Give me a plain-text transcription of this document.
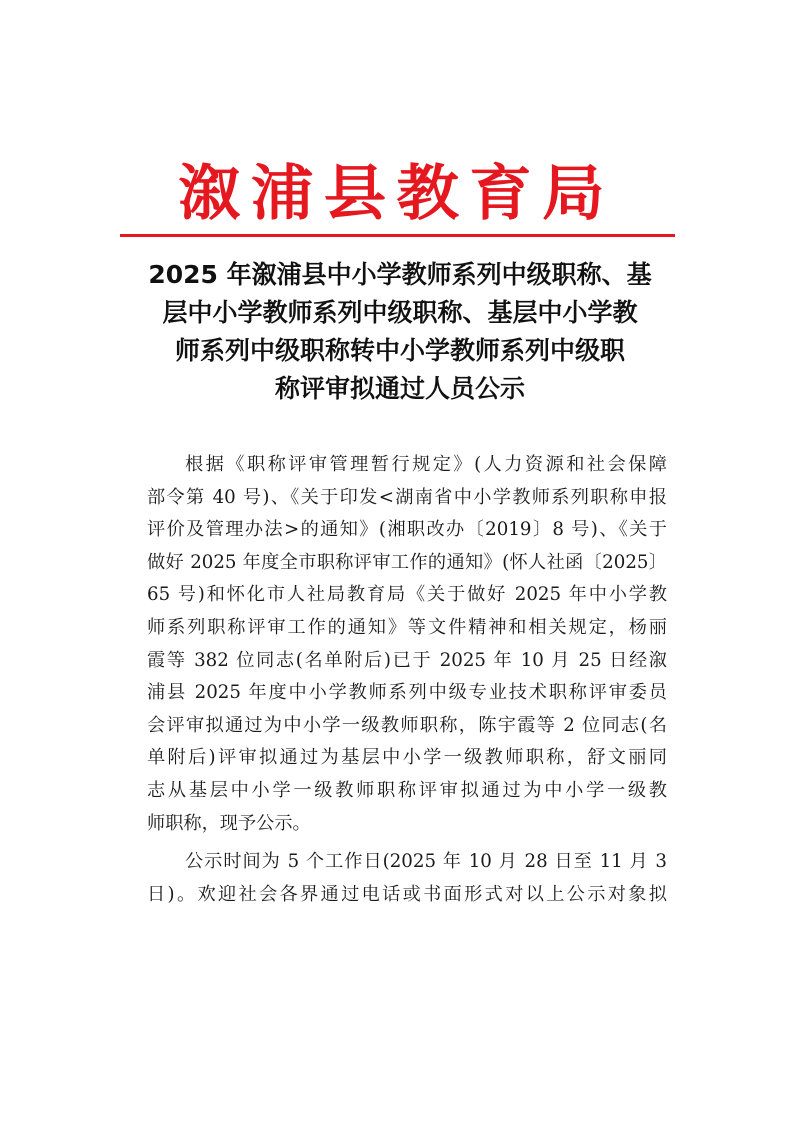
溆浦县教育局
2025 年溆浦县中小学教师系列中级职称、基
层中小学教师系列中级职称、基层中小学教
师系列中级职称转中小学教师系列中级职
称评审拟通过人员公示
根据《职称评审管理暂行规定》(人力资源和社会保障
部令第 40 号)、《关于印发<湖南省中小学教师系列职称申报
评价及管理办法>的通知》(湘职改办〔2019〕8 号)、《关于
做好 2025 年度全市职称评审工作的通知》(怀人社函〔2025〕
65 号)和怀化市人社局教育局《关于做好 2025 年中小学教
师系列职称评审工作的通知》等文件精神和相关规定，杨丽
霞等 382 位同志(名单附后)已于 2025 年 10 月 25 日经溆
浦县 2025 年度中小学教师系列中级专业技术职称评审委员
会评审拟通过为中小学一级教师职称，陈宇霞等 2 位同志(名
单附后)评审拟通过为基层中小学一级教师职称，舒文丽同
志从基层中小学一级教师职称评审拟通过为中小学一级教
师职称，现予公示。
公示时间为 5 个工作日(2025 年 10 月 28 日至 11 月 3
日)。欢迎社会各界通过电话或书面形式对以上公示对象拟
